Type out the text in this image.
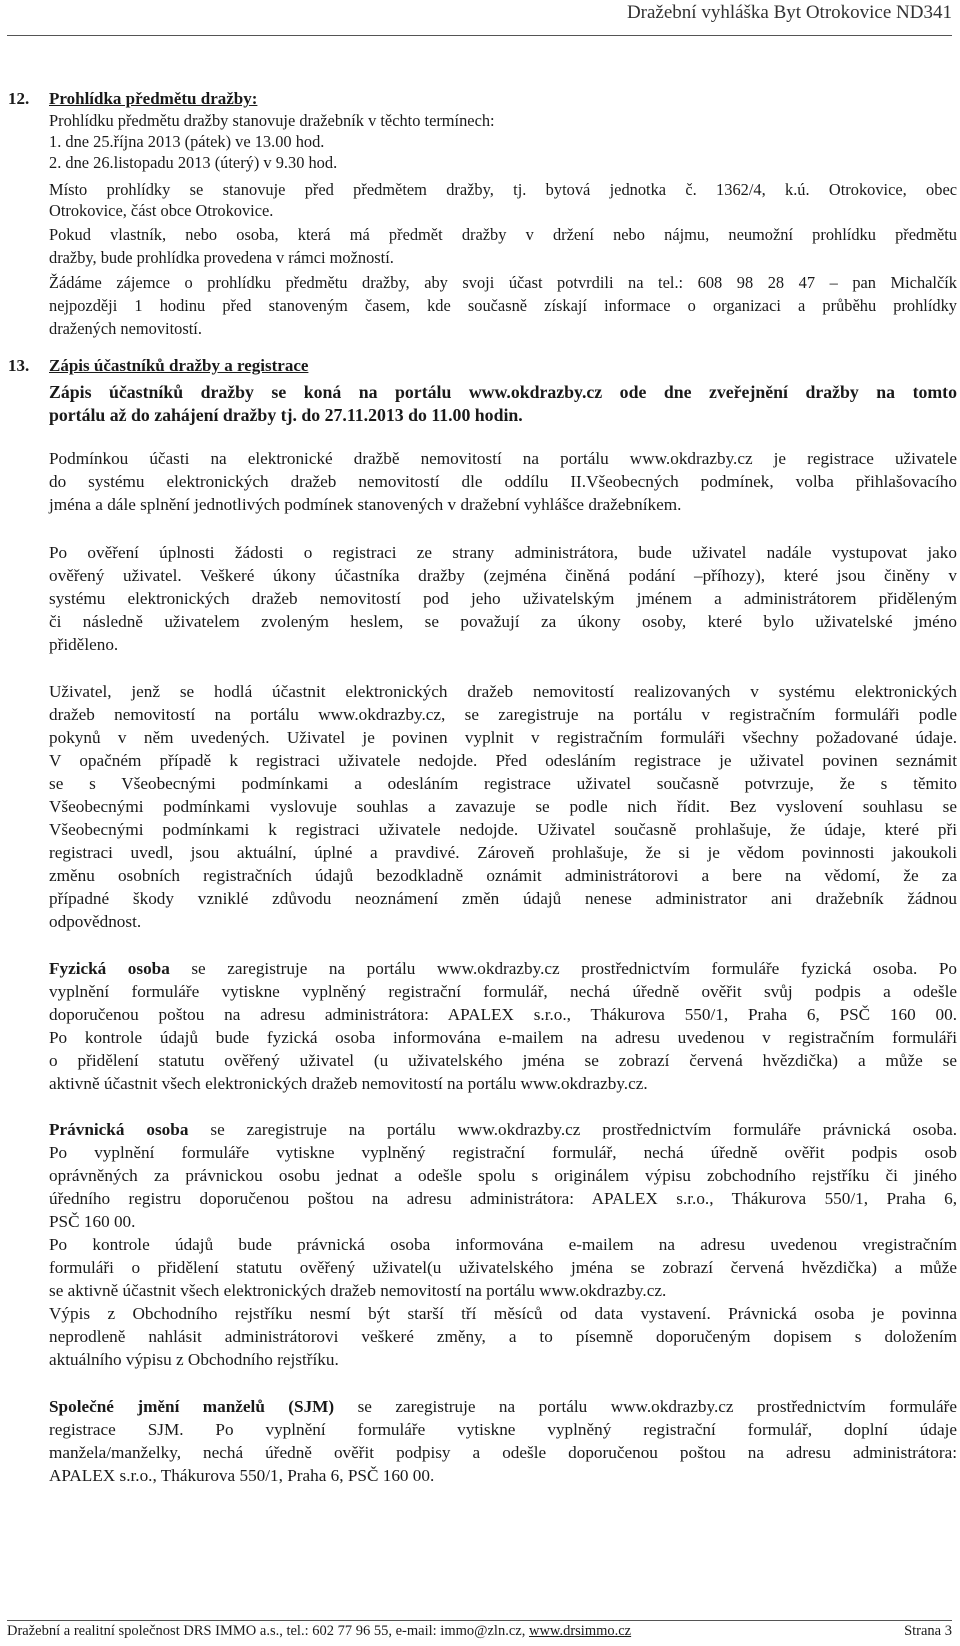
Dražební vyhláška Byt Otrokovice ND341
12. Prohlídka předmětu dražby:
Prohlídku předmětu dražby stanovuje dražebník v těchto termínech:
1. dne 25.října 2013 (pátek) ve 13.00 hod.
2. dne 26.listopadu 2013 (úterý) v 9.30 hod.
Místo prohlídky se stanovuje před předmětem dražby, tj. bytová jednotka č. 1362/4, k.ú. Otrokovice, obec
Otrokovice, část obce Otrokovice.
Pokud vlastník, nebo osoba, která má předmět dražby v držení nebo nájmu, neumožní prohlídku předmětu
dražby, bude prohlídka provedena v rámci možností.
Žádáme zájemce o prohlídku předmětu dražby, aby svoji účast potvrdili na tel.: 608 98 28 47 – pan Michalčík
nejpozději 1 hodinu před stanoveným časem, kde současně získají informace o organizaci a průběhu prohlídky
dražených nemovitostí.
13. Zápis účastníků dražby a registrace
Zápis účastníků dražby se koná na portálu www.okdrazby.cz ode dne zveřejnění dražby na tomto
portálu až do zahájení dražby tj. do 27.11.2013 do 11.00 hodin.
Podmínkou účasti na elektronické dražbě nemovitostí na portálu www.okdrazby.cz je registrace uživatele
do systému elektronických dražeb nemovitostí dle oddílu II.Všeobecných podmínek, volba přihlašovacího
jména a dále splnění jednotlivých podmínek stanovených v dražební vyhlášce dražebníkem.
Po ověření úplnosti žádosti o registraci ze strany administrátora, bude uživatel nadále vystupovat jako
ověřený uživatel. Veškeré úkony účastníka dražby (zejména činěná podání –příhozy), které jsou činěny v
systému elektronických dražeb nemovitostí pod jeho uživatelským jménem a administrátorem přiděleným
či následně uživatelem zvoleným heslem, se považují za úkony osoby, které bylo uživatelské jméno
přiděleno.
Uživatel, jenž se hodlá účastnit elektronických dražeb nemovitostí realizovaných v systému elektronických
dražeb nemovitostí na portálu www.okdrazby.cz, se zaregistruje na portálu v registračním formuláři podle
pokynů v něm uvedených. Uživatel je povinen vyplnit v registračním formuláři všechny požadované údaje.
V opačném případě k registraci uživatele nedojde. Před odesláním registrace je uživatel povinen seznámit
se s Všeobecnými podmínkami a odesláním registrace uživatel současně potvrzuje, že s těmito
Všeobecnými podmínkami vyslovuje souhlas a zavazuje se podle nich řídit. Bez vyslovení souhlasu se
Všeobecnými podmínkami k registraci uživatele nedojde. Uživatel současně prohlašuje, že údaje, které při
registraci uvedl, jsou aktuální, úplné a pravdivé. Zároveň prohlašuje, že si je vědom povinnosti jakoukoli
změnu osobních registračních údajů bezodkladně oznámit administrátorovi a bere na vědomí, že za
případné škody vzniklé zdůvodu neoznámení změn údajů nenese administrator ani dražebník žádnou
odpovědnost.
Fyzická osoba se zaregistruje na portálu www.okdrazby.cz prostřednictvím formuláře fyzická osoba. Po
vyplnění formuláře vytiskne vyplněný registrační formulář, nechá úředně ověřit svůj podpis a odešle
doporučenou poštou na adresu administrátora: APALEX s.r.o., Thákurova 550/1, Praha 6, PSČ 160 00.
Po kontrole údajů bude fyzická osoba informována e-mailem na adresu uvedenou v registračním formuláři
o přidělení statutu ověřený uživatel (u uživatelského jména se zobrazí červená hvězdička) a může se
aktivně účastnit všech elektronických dražeb nemovitostí na portálu www.okdrazby.cz.
Právnická osoba se zaregistruje na portálu www.okdrazby.cz prostřednictvím formuláře právnická osoba.
Po vyplnění formuláře vytiskne vyplněný registrační formulář, nechá úředně ověřit podpis osob
oprávněných za právnickou osobu jednat a odešle spolu s originálem výpisu zobchodního rejstříku či jiného
úředního registru doporučenou poštou na adresu administrátora: APALEX s.r.o., Thákurova 550/1, Praha 6,
PSČ 160 00.
Po kontrole údajů bude právnická osoba informována e-mailem na adresu uvedenou vregistračním
formuláři o přidělení statutu ověřený uživatel(u uživatelského jména se zobrazí červená hvězdička) a může
se aktivně účastnit všech elektronických dražeb nemovitostí na portálu www.okdrazby.cz.
Výpis z Obchodního rejstříku nesmí být starší tří měsíců od data vystavení. Právnická osoba je povinna
neprodleně nahlásit administrátorovi veškeré změny, a to písemně doporučeným dopisem s doložením
aktuálního výpisu z Obchodního rejstříku.
Společné jmění manželů (SJM) se zaregistruje na portálu www.okdrazby.cz prostřednictvím formuláře
registrace SJM. Po vyplnění formuláře vytiskne vyplněný registrační formulář, doplní údaje
manžela/manželky, nechá úředně ověřit podpisy a odešle doporučenou poštou na adresu administrátora:
APALEX s.r.o., Thákurova 550/1, Praha 6, PSČ 160 00.
Dražební a realitní společnost DRS IMMO a.s., tel.: 602 77 96 55, e-mail: immo@zln.cz, www.drsimmo.cz	Strana 3
